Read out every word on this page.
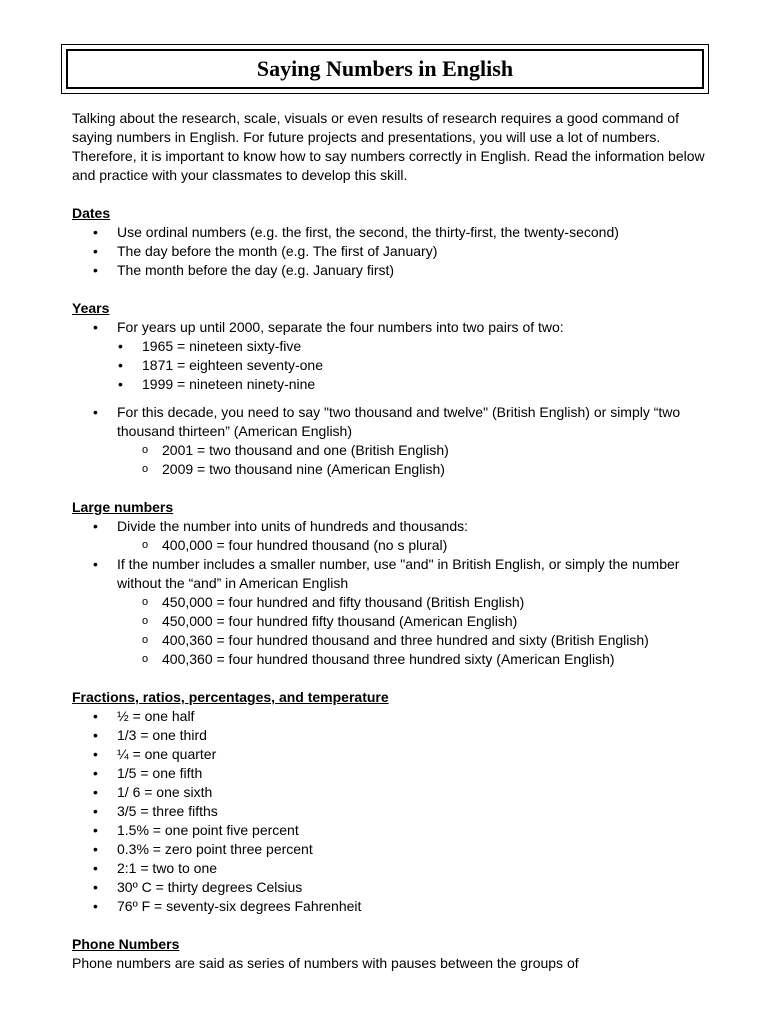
Saying Numbers in English

Talking about the research, scale, visuals or even results of research requires a good command of saying numbers in English. For future projects and presentations, you will use a lot of numbers. Therefore, it is important to know how to say numbers correctly in English. Read the information below and practice with your classmates to develop this skill.

Dates

• Use ordinal numbers (e.g. the first, the second, the thirty-first, the twenty-second)
• The day before the month (e.g. The first of January)
• The month before the day (e.g. January first)

Years

• For years up until 2000, separate the four numbers into two pairs of two:
• 1965 = nineteen sixty-five
• 1871 = eighteen seventy-one
• 1999 = nineteen ninety-nine
• For this decade, you need to say "two thousand and twelve" (British English) or simply “two thousand thirteen” (American English)
o 2001 = two thousand and one (British English)
o 2009 = two thousand nine (American English)

Large numbers

• Divide the number into units of hundreds and thousands:
o 400,000 = four hundred thousand (no s plural)
• If the number includes a smaller number, use "and" in British English, or simply the number without the “and” in American English
o 450,000 = four hundred and fifty thousand (British English)
o 450,000 = four hundred fifty thousand (American English)
o 400,360 = four hundred thousand and three hundred and sixty (British English)
o 400,360 = four hundred thousand three hundred sixty (American English)

Fractions, ratios, percentages, and temperature

• ½ = one half
• 1/3 = one third
• ¼ = one quarter
• 1/5 = one fifth
• 1/ 6 = one sixth
• 3/5 = three fifths
• 1.5% = one point five percent
• 0.3% = zero point three percent
• 2:1 = two to one
• 30º C = thirty degrees Celsius
• 76º F = seventy-six degrees Fahrenheit

Phone Numbers

Phone numbers are said as series of numbers with pauses between the groups of
